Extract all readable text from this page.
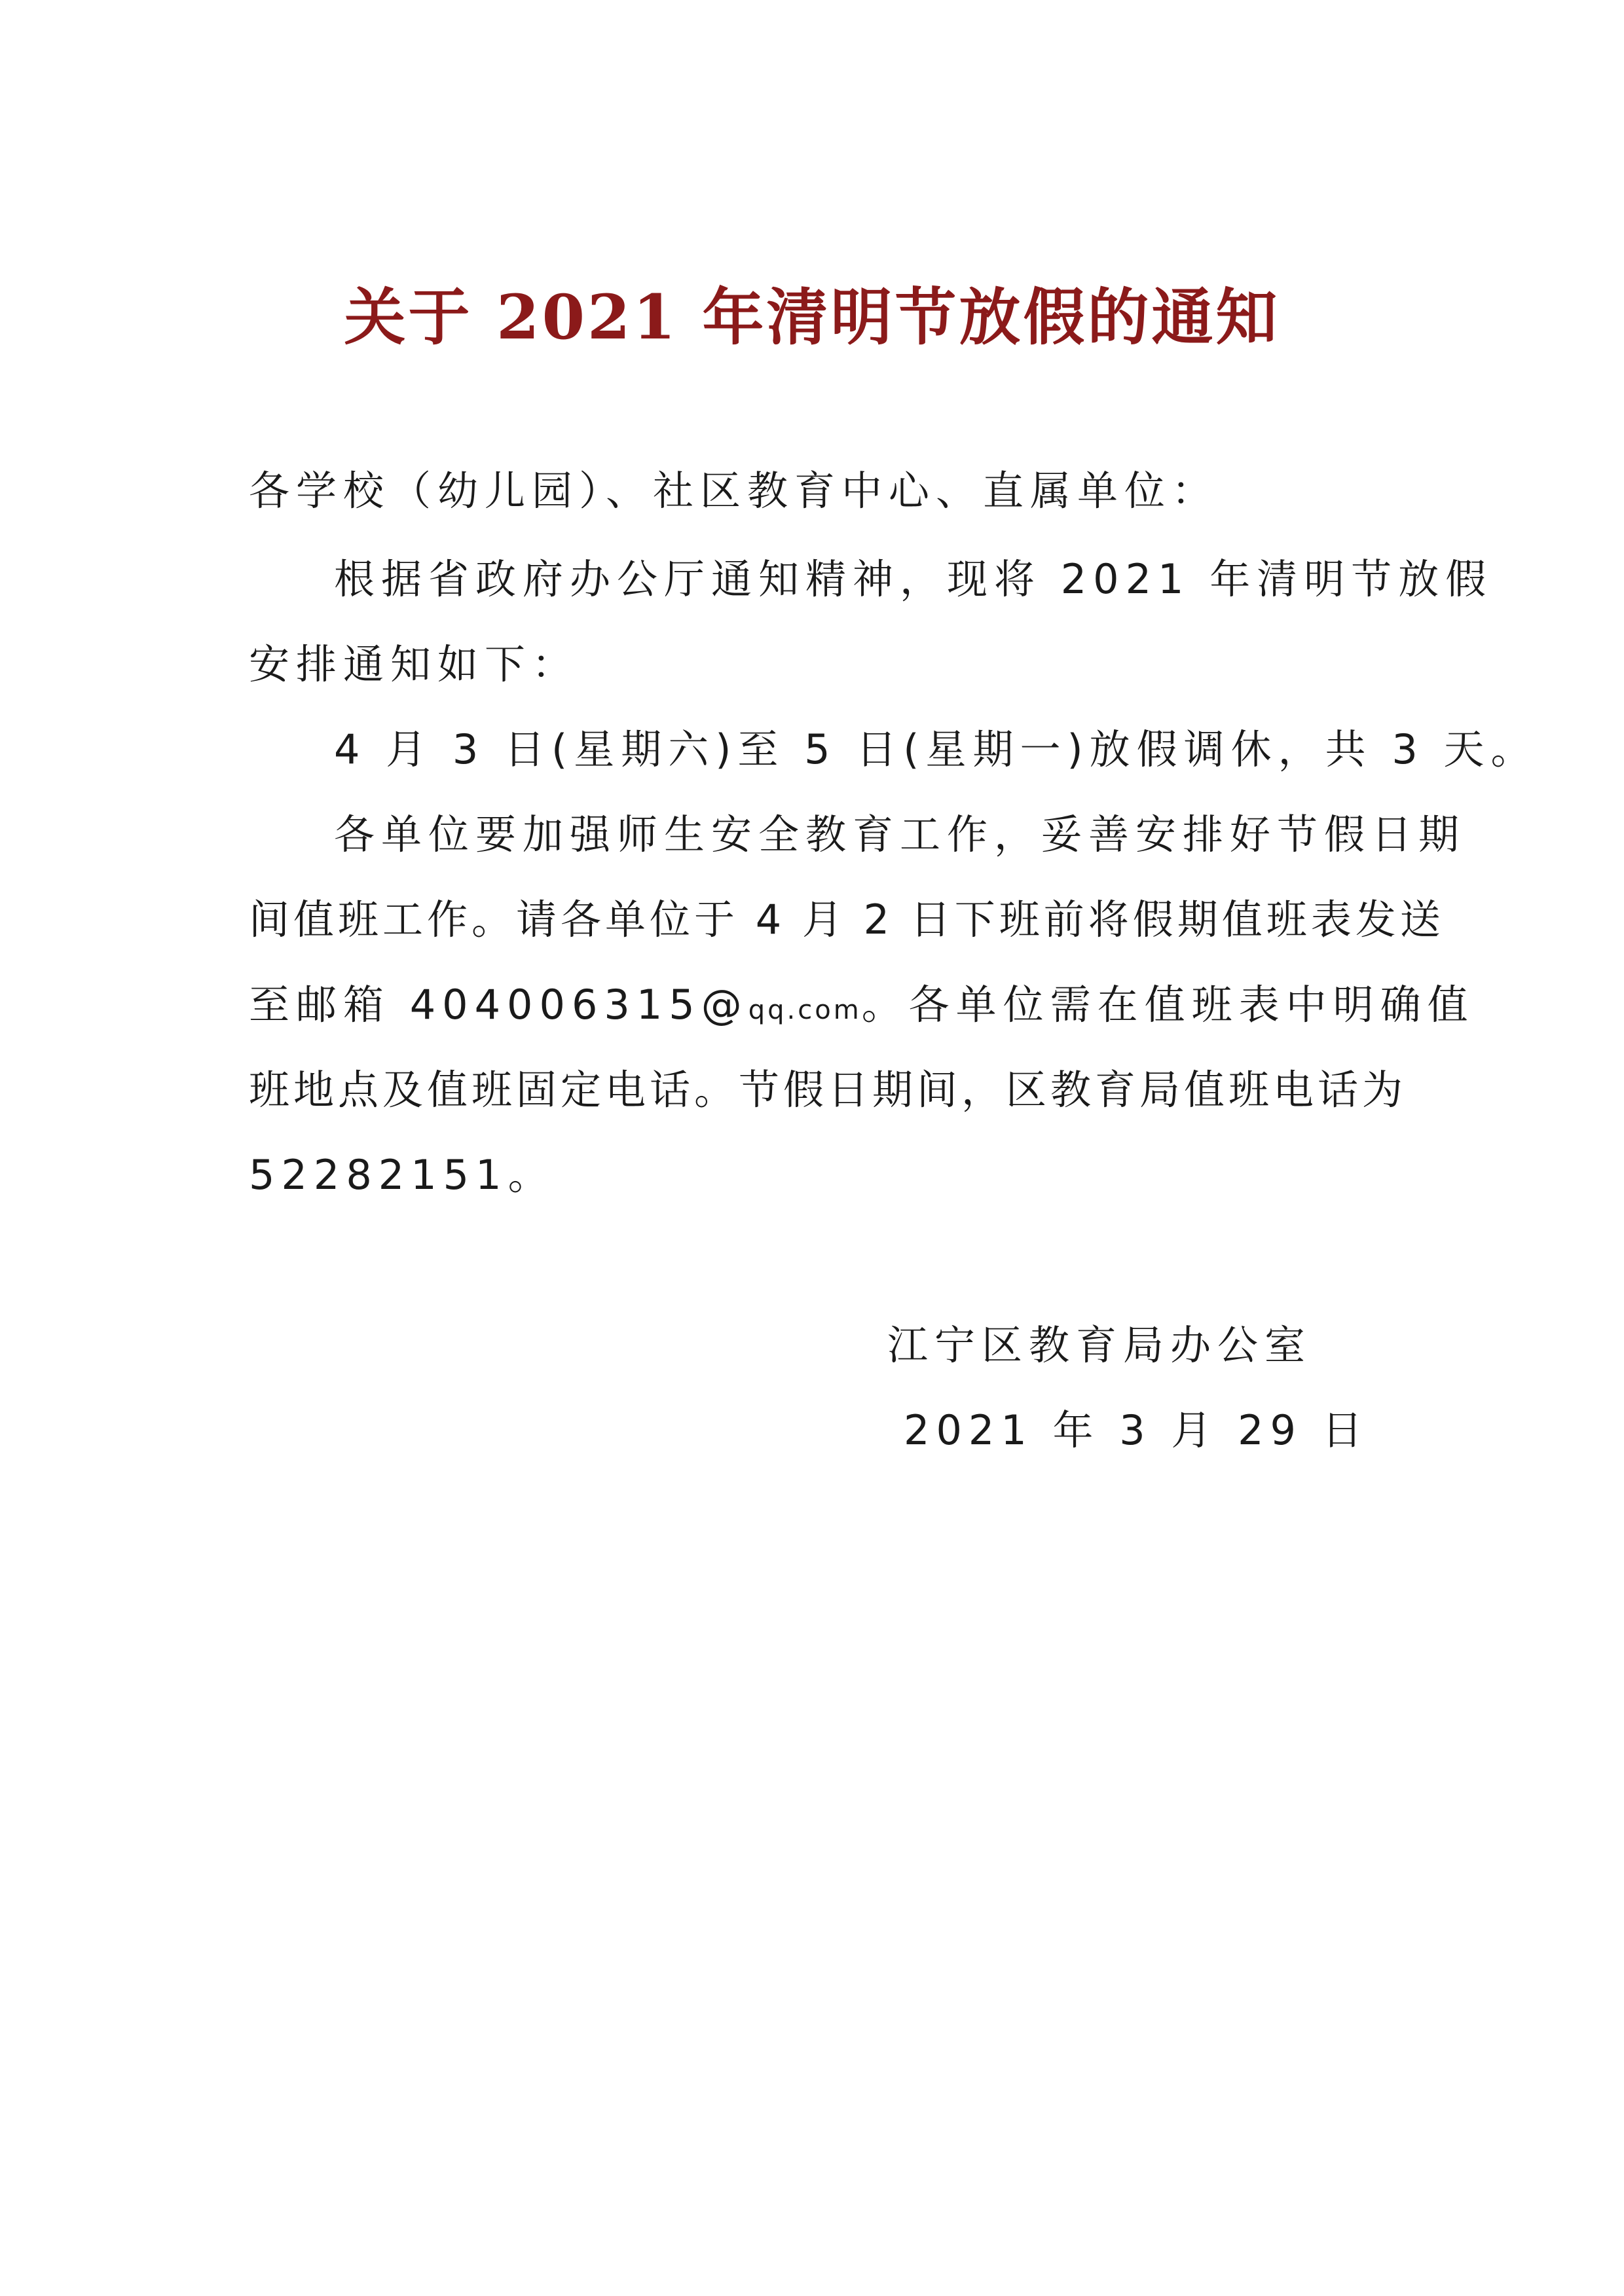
关于 2021 年清明节放假的通知
各学校（幼儿园）、社区教育中心、直属单位：
根据省政府办公厅通知精神，现将 2021 年清明节放假
安排通知如下：
4 月 3 日(星期六)至 5 日(星期一)放假调休，共 3 天。
各单位要加强师生安全教育工作，妥善安排好节假日期
间值班工作。请各单位于 4 月 2 日下班前将假期值班表发送
至邮箱 404006315@qq.com。各单位需在值班表中明确值
班地点及值班固定电话。节假日期间，区教育局值班电话为
52282151。
江宁区教育局办公室
2021 年 3 月 29 日
